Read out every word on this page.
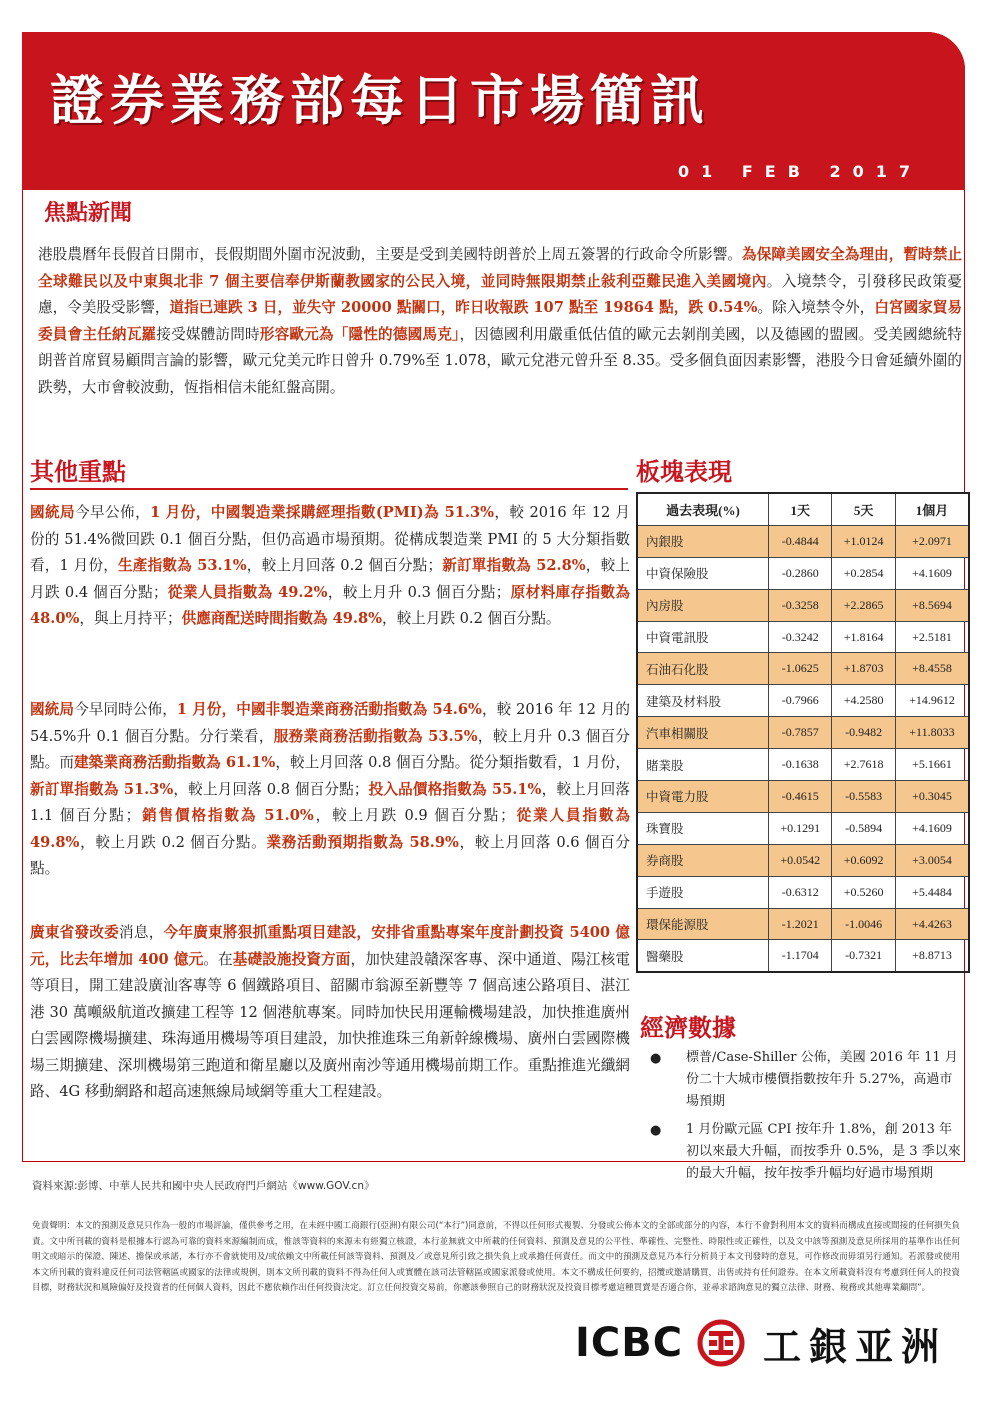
證券業務部每日市場簡訊
01 FEB 2017
焦點新聞
港股農曆年長假首日開市，長假期間外圍市況波動，主要是受到美國特朗普於上周五簽署的行政命令所影響。為保障美國安全為理由，暫時禁止全球難民以及中東與北非 7 個主要信奉伊斯蘭教國家的公民入境，並同時無限期禁止敍利亞難民進入美國境內。入境禁令，引發移民政策憂慮，令美股受影響，道指已連跌 3 日，並失守 20000 點關口，昨日收報跌 107 點至 19864 點，跌 0.54%。除入境禁令外，白宮國家貿易委員會主任納瓦羅接受媒體訪問時形容歐元為「隱性的德國馬克」，因德國利用嚴重低估值的歐元去剝削美國，以及德國的盟國。受美國總統特朗普首席貿易顧問言論的影響，歐元兌美元昨日曾升 0.79%至 1.078，歐元兌港元曾升至 8.35。受多個負面因素影響，港股今日會延續外圍的跌勢，大市會較波動，恆指相信未能紅盤高開。
其他重點
國統局今早公佈，1 月份，中國製造業採購經理指數(PMI)為 51.3%，較 2016 年 12 月份的 51.4%微回跌 0.1 個百分點，但仍高過市場預期。從構成製造業 PMI 的 5 大分類指數看，1 月份，生產指數為 53.1%，較上月回落 0.2 個百分點；新訂單指數為 52.8%，較上月跌 0.4 個百分點；從業人員指數為 49.2%，較上月升 0.3 個百分點；原材料庫存指數為 48.0%，與上月持平；供應商配送時間指數為 49.8%，較上月跌 0.2 個百分點。
國統局今早同時公佈，1 月份，中國非製造業商務活動指數為 54.6%，較 2016 年 12 月的 54.5%升 0.1 個百分點。分行業看，服務業商務活動指數為 53.5%，較上月升 0.3 個百分點。而建築業商務活動指數為 61.1%，較上月回落 0.8 個百分點。從分類指數看，1 月份，新訂單指數為 51.3%，較上月回落 0.8 個百分點；投入品價格指數為 55.1%，較上月回落 1.1 個百分點；銷售價格指數為 51.0%，較上月跌 0.9 個百分點；從業人員指數為 49.8%，較上月跌 0.2 個百分點。業務活動預期指數為 58.9%，較上月回落 0.6 個百分點。
廣東省發改委消息，今年廣東將狠抓重點項目建設，安排省重點專案年度計劃投資 5400 億元，比去年增加 400 億元。在基礎設施投資方面，加快建設贛深客專、深中通道、陽江核電等項目，開工建設廣汕客專等 6 個鐵路項目、韶關市翁源至新豐等 7 個高速公路項目、湛江港 30 萬噸級航道改擴建工程等 12 個港航專案。同時加快民用運輸機場建設，加快推進廣州白雲國際機場擴建、珠海通用機場等項目建設，加快推進珠三角新幹線機場、廣州白雲國際機場三期擴建、深圳機場第三跑道和衛星廳以及廣州南沙等通用機場前期工作。重點推進光纖網路、4G 移動網路和超高速無線局域網等重大工程建設。
板塊表現
過去表現(%)	1天	5天	1個月
內銀股	-0.4844	+1.0124	+2.0971
中資保險股	-0.2860	+0.2854	+4.1609
內房股	-0.3258	+2.2865	+8.5694
中資電訊股	-0.3242	+1.8164	+2.5181
石油石化股	-1.0625	+1.8703	+8.4558
建築及材料股	-0.7966	+4.2580	+14.9612
汽車相關股	-0.7857	-0.9482	+11.8033
賭業股	-0.1638	+2.7618	+5.1661
中資電力股	-0.4615	-0.5583	+0.3045
珠寶股	+0.1291	-0.5894	+4.1609
券商股	+0.0542	+0.6092	+3.0054
手遊股	-0.6312	+0.5260	+5.4484
環保能源股	-1.2021	-1.0046	+4.4263
醫藥股	-1.1704	-0.7321	+8.8713
經濟數據
● 標普/Case-Shiller 公佈，美國 2016 年 11 月份二十大城市樓價指數按年升 5.27%，高過市場預期
● 1 月份歐元區 CPI 按年升 1.8%，創 2013 年初以來最大升幅，而按季升 0.5%，是 3 季以來的最大升幅，按年按季升幅均好過市場預期
資料來源:彭博、中華人民共和國中央人民政府門戶網站《www.GOV.cn》
免責聲明：本文的預測及意見只作為一般的市場評論，僅供參考之用，在未經中國工商銀行(亞洲)有限公司(“本行”)同意前，不得以任何形式複製、分發或公佈本文的全部或部分的內容，本行不會對利用本文的資料而構成直接或間接的任何損失負責。文中所刊載的資料是根據本行認為可靠的資料來源編制而成，惟該等資料的來源未有經獨立核證，本行並無就文中所載的任何資料、預測及意見的公平性、準確性、完整性、時限性或正確性，以及文中該等預測及意見所採用的基準作出任何明文或暗示的保證、陳述、擔保或承諾，本行亦不會就使用及/或依賴文中所載任何該等資料、預測及／或意見所引致之損失負上或承擔任何責任。而文中的預測及意見乃本行分析員于本文刊發時的意見，可作修改而毋須另行通知。若派發或使用本文所刊載的資料違反任何司法管轄區或國家的法律或規例，則本文所刊載的資料不得為任何人或實體在該司法管轄區或國家派發或使用。本文不構成任何要約，招攬或邀請購買，出售或持有任何證券。在本文所載資料沒有考慮到任何人的投資目標，財務狀況和風險偏好及投資者的任何個人資料，因此不應依賴作出任何投資決定。訂立任何投資交易前，你應該參照自己的財務狀況及投資目標考慮這種買賣是否適合你，並尋求諮詢意見的獨立法律、財務、稅務或其他專業顧問”。
ICBC 工銀亚洲
